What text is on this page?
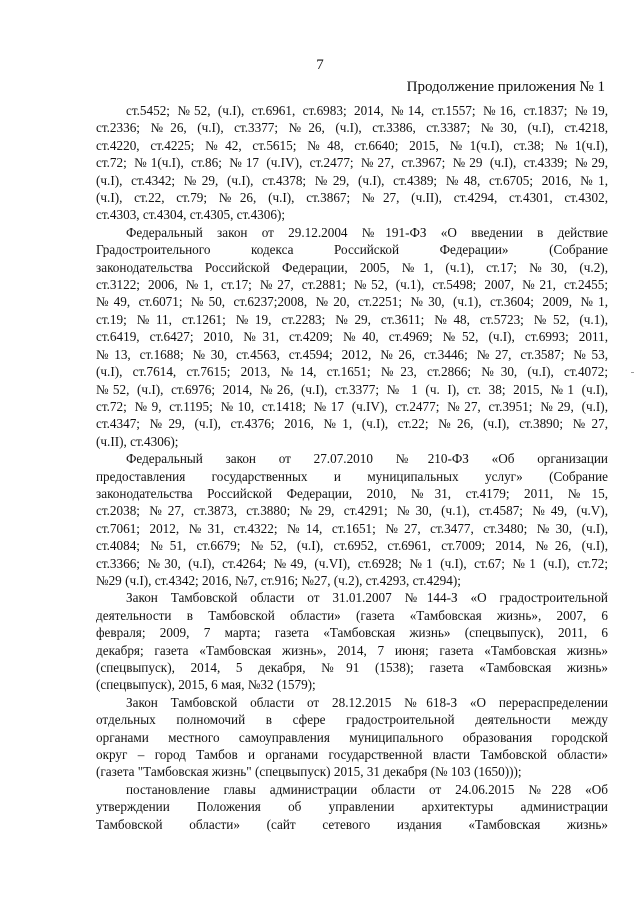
7
Продолжение приложения № 1
ст.5452; №52, (ч.I), ст.6961, ст.6983; 2014, №14, ст.1557; №16, ст.1837; №19,
ст.2336; №26, (ч.I), ст.3377; №26, (ч.I), ст.3386, ст.3387; №30, (ч.I), ст.4218,
ст.4220, ст.4225; №42, ст.5615; №48, ст.6640; 2015, №1(ч.I), ст.38; №1(ч.I),
ст.72; №1(ч.I), ст.86; №17 (ч.IV), ст.2477; №27, ст.3967; №29 (ч.I), ст.4339; №29,
(ч.I), ст.4342; №29, (ч.I), ст.4378; №29, (ч.I), ст.4389; №48, ст.6705; 2016, №1,
(ч.I), ст.22, ст.79; №26, (ч.I), ст.3867; №27, (ч.II), ст.4294, ст.4301, ст.4302,
ст.4303, ст.4304, ст.4305, ст.4306);
Федеральный закон от 29.12.2004 №191-ФЗ «О введении в действие
Градостроительного кодекса Российской Федерации» (Собрание
законодательства Российской Федерации, 2005, №1, (ч.1), ст.17; №30, (ч.2),
ст.3122; 2006, №1, ст.17; №27, ст.2881; №52, (ч.1), ст.5498; 2007, №21, ст.2455;
№49, ст.6071; №50, ст.6237;2008, №20, ст.2251; №30, (ч.1), ст.3604; 2009, №1,
ст.19; №11, ст.1261; №19, ст.2283; №29, ст.3611; №48, ст.5723; №52, (ч.1),
ст.6419, ст.6427; 2010, №31, ст.4209; №40, ст.4969; №52, (ч.I), ст.6993; 2011,
№13, ст.1688; №30, ст.4563, ст.4594; 2012, №26, ст.3446; №27, ст.3587; №53,
(ч.I), ст.7614, ст.7615; 2013, №14, ст.1651; №23, ст.2866; №30, (ч.I), ст.4072;
№52, (ч.I), ст.6976; 2014, №26, (ч.I), ст.3377; № 1 (ч. I), ст. 38; 2015, №1 (ч.I),
ст.72; №9, ст.1195; №10, ст.1418; №17 (ч.IV), ст.2477; №27, ст.3951; №29, (ч.I),
ст.4347; №29, (ч.I), ст.4376; 2016, №1, (ч.I), ст.22; №26, (ч.I), ст.3890; №27,
(ч.II), ст.4306);
Федеральный закон от 27.07.2010 №210-ФЗ «Об организации
предоставления государственных и муниципальных услуг» (Собрание
законодательства Российской Федерации, 2010, №31, ст.4179; 2011, №15,
ст.2038; №27, ст.3873, ст.3880; №29, ст.4291; №30, (ч.1), ст.4587; №49, (ч.V),
ст.7061; 2012, №31, ст.4322; №14, ст.1651; №27, ст.3477, ст.3480; №30, (ч.I),
ст.4084; №51, ст.6679; №52, (ч.I), ст.6952, ст.6961, ст.7009; 2014, №26, (ч.I),
ст.3366; №30, (ч.I), ст.4264; №49, (ч.VI), ст.6928; №1 (ч.I), ст.67; №1 (ч.I), ст.72;
№29 (ч.I), ст.4342; 2016, №7, ст.916; №27, (ч.2), ст.4293, ст.4294);
Закон Тамбовской области от 31.01.2007 №144-З «О градостроительной
деятельности в Тамбовской области» (газета «Тамбовская жизнь», 2007, 6
февраля; 2009, 7 марта; газета «Тамбовская жизнь» (спецвыпуск), 2011, 6
декабря; газета «Тамбовская жизнь», 2014, 7 июня; газета «Тамбовская жизнь»
(спецвыпуск), 2014, 5 декабря, №91 (1538); газета «Тамбовская жизнь»
(спецвыпуск), 2015, 6 мая, №32 (1579);
Закон Тамбовской области от 28.12.2015 №618-З «О перераспределении
отдельных полномочий в сфере градостроительной деятельности между
органами местного самоуправления муниципального образования городской
округ – город Тамбов и органами государственной власти Тамбовской области»
(газета "Тамбовская жизнь" (спецвыпуск) 2015, 31 декабря (№ 103 (1650)));
постановление главы администрации области от 24.06.2015 №228 «Об
утверждении Положения об управлении архитектуры администрации
Тамбовской области» (сайт сетевого издания «Тамбовская жизнь»
